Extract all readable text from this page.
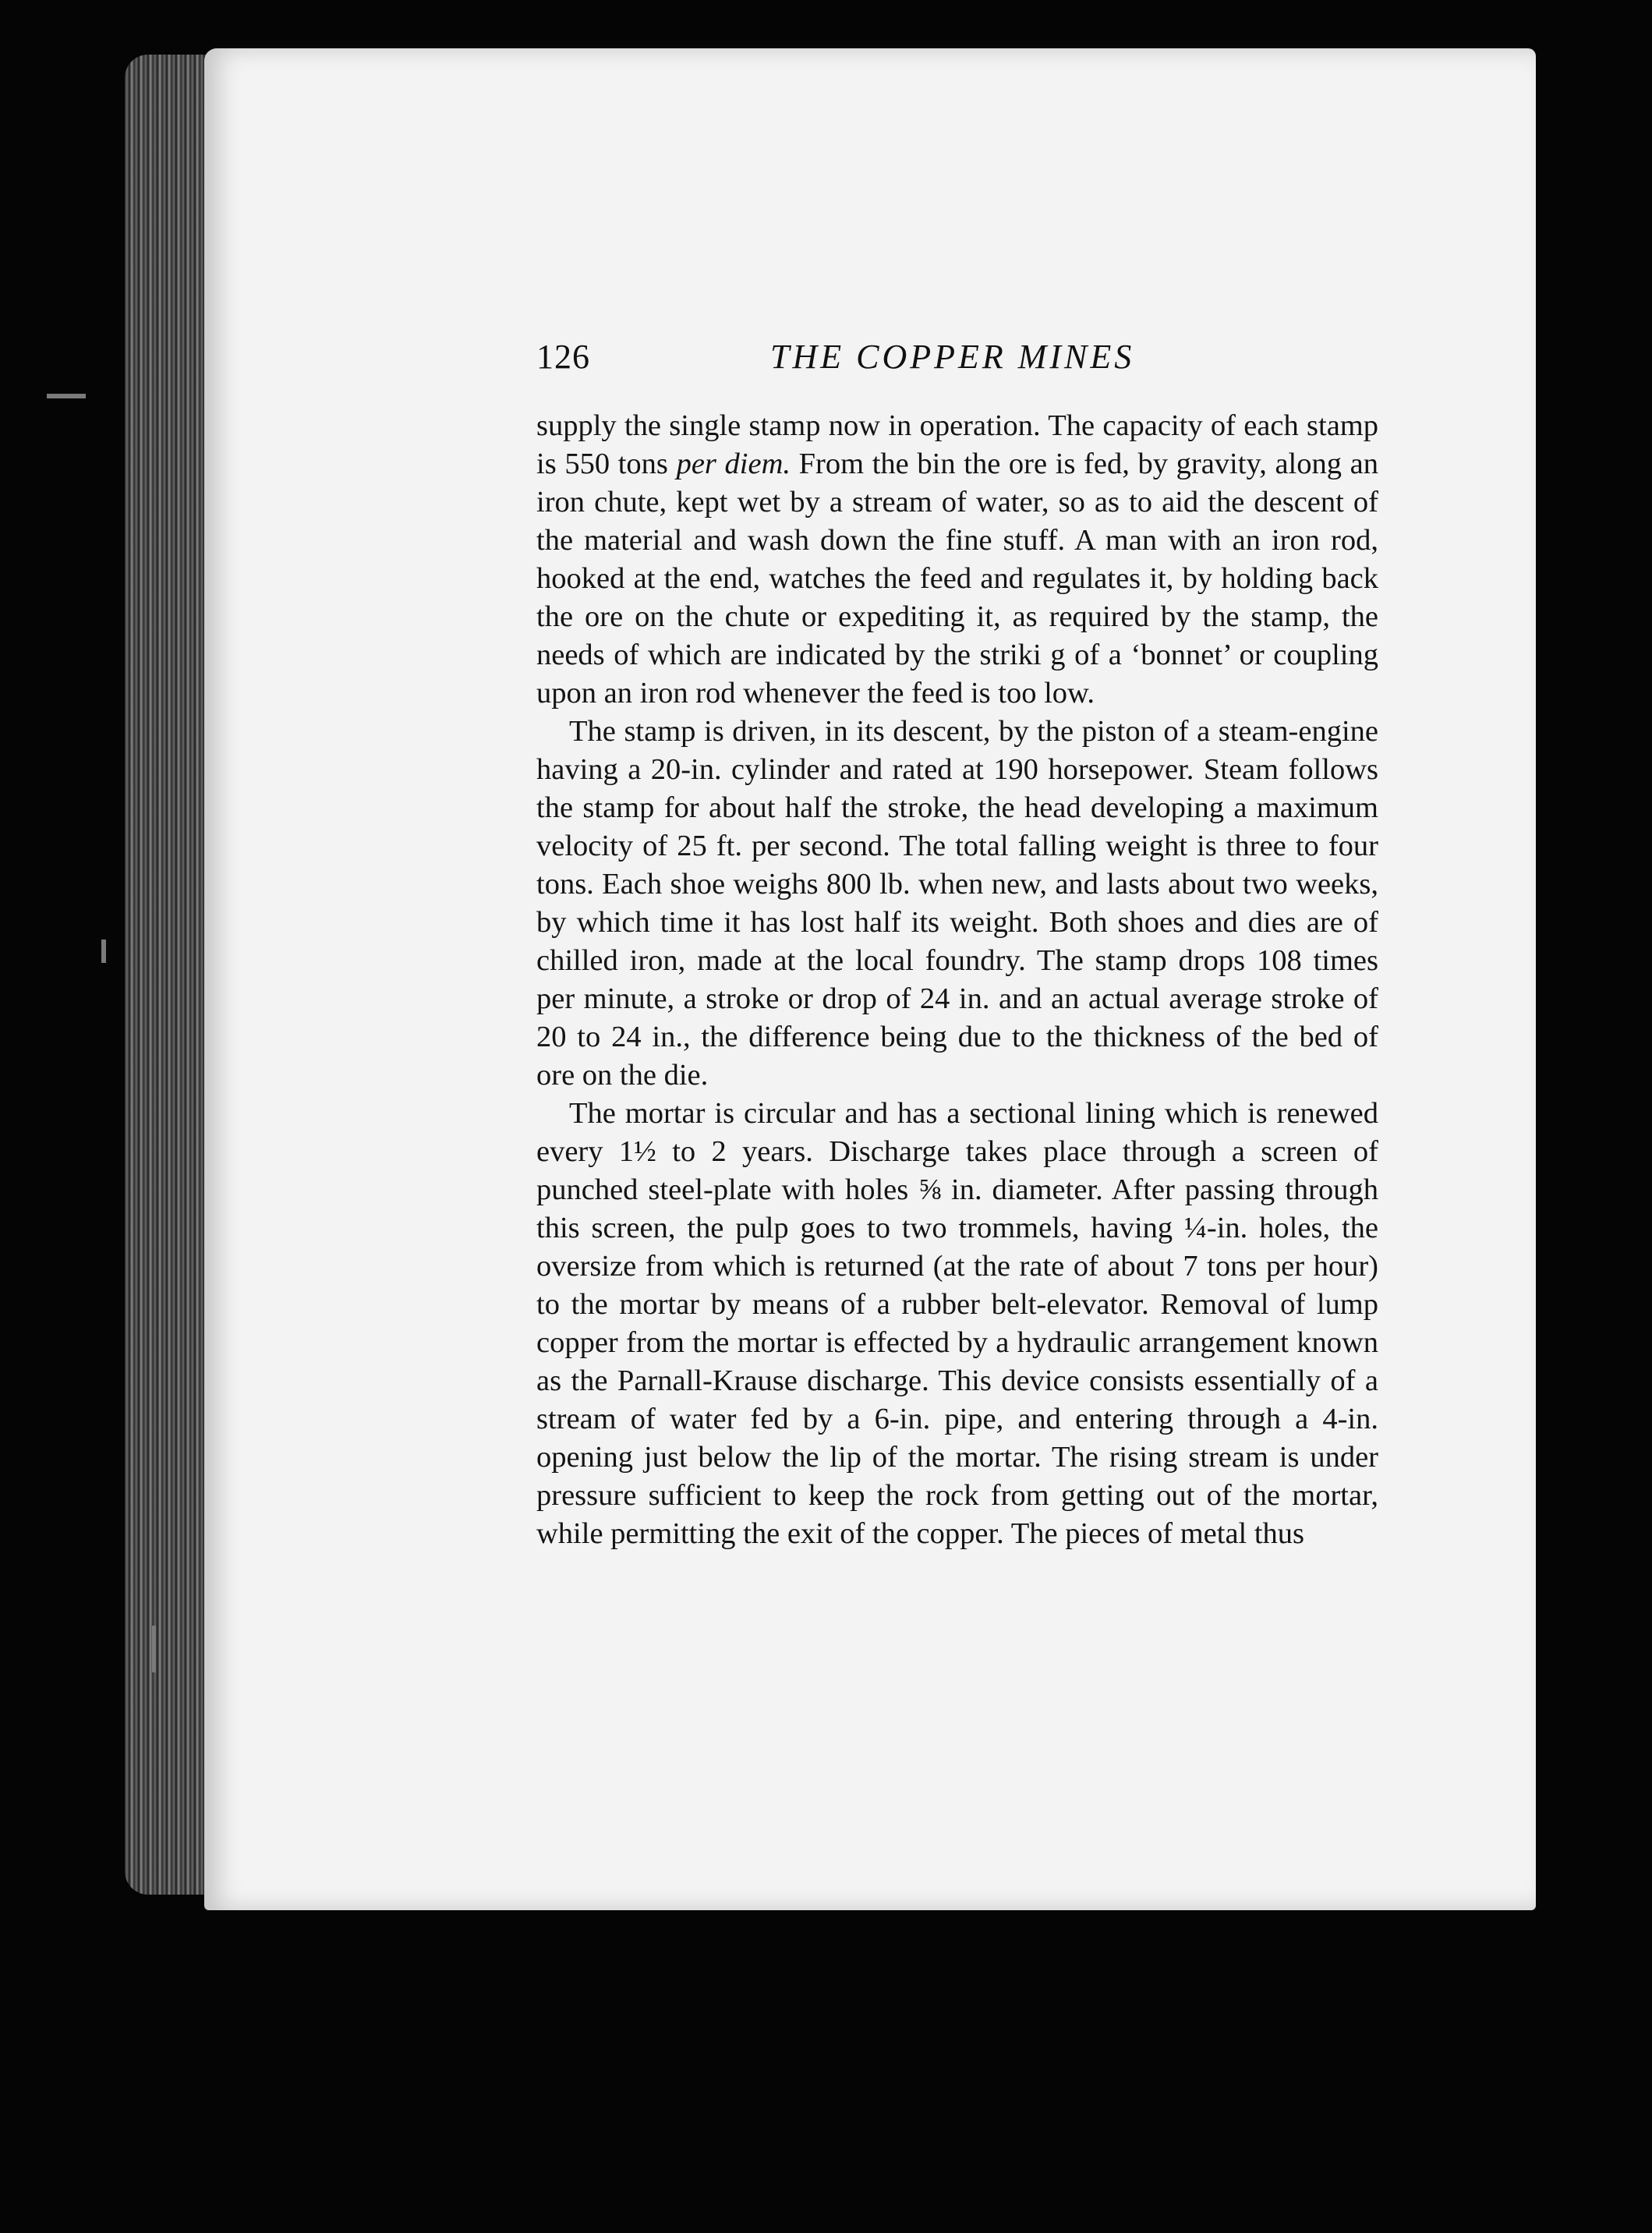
126	THE COPPER MINES

supply the single stamp now in operation. The capacity of each stamp is 550 tons per diem. From the bin the ore is fed, by gravity, along an iron chute, kept wet by a stream of water, so as to aid the descent of the material and wash down the fine stuff. A man with an iron rod, hooked at the end, watches the feed and regulates it, by holding back the ore on the chute or expediting it, as required by the stamp, the needs of which are indicated by the striki g of a ‘bonnet’ or coupling upon an iron rod whenever the feed is too low.

The stamp is driven, in its descent, by the piston of a steam-engine having a 20-in. cylinder and rated at 190 horsepower. Steam follows the stamp for about half the stroke, the head developing a maximum velocity of 25 ft. per second. The total falling weight is three to four tons. Each shoe weighs 800 lb. when new, and lasts about two weeks, by which time it has lost half its weight. Both shoes and dies are of chilled iron, made at the local foundry. The stamp drops 108 times per minute, a stroke or drop of 24 in. and an actual average stroke of 20 to 24 in., the difference being due to the thickness of the bed of ore on the die.

The mortar is circular and has a sectional lining which is renewed every 1½ to 2 years. Discharge takes place through a screen of punched steel-plate with holes ⅝ in. diameter. After passing through this screen, the pulp goes to two trommels, having ¼-in. holes, the oversize from which is returned (at the rate of about 7 tons per hour) to the mortar by means of a rubber belt-elevator. Removal of lump copper from the mortar is effected by a hydraulic arrangement known as the Parnall-Krause discharge. This device consists essentially of a stream of water fed by a 6-in. pipe, and entering through a 4-in. opening just below the lip of the mortar. The rising stream is under pressure sufficient to keep the rock from getting out of the mortar, while permitting the exit of the copper. The pieces of metal thus
